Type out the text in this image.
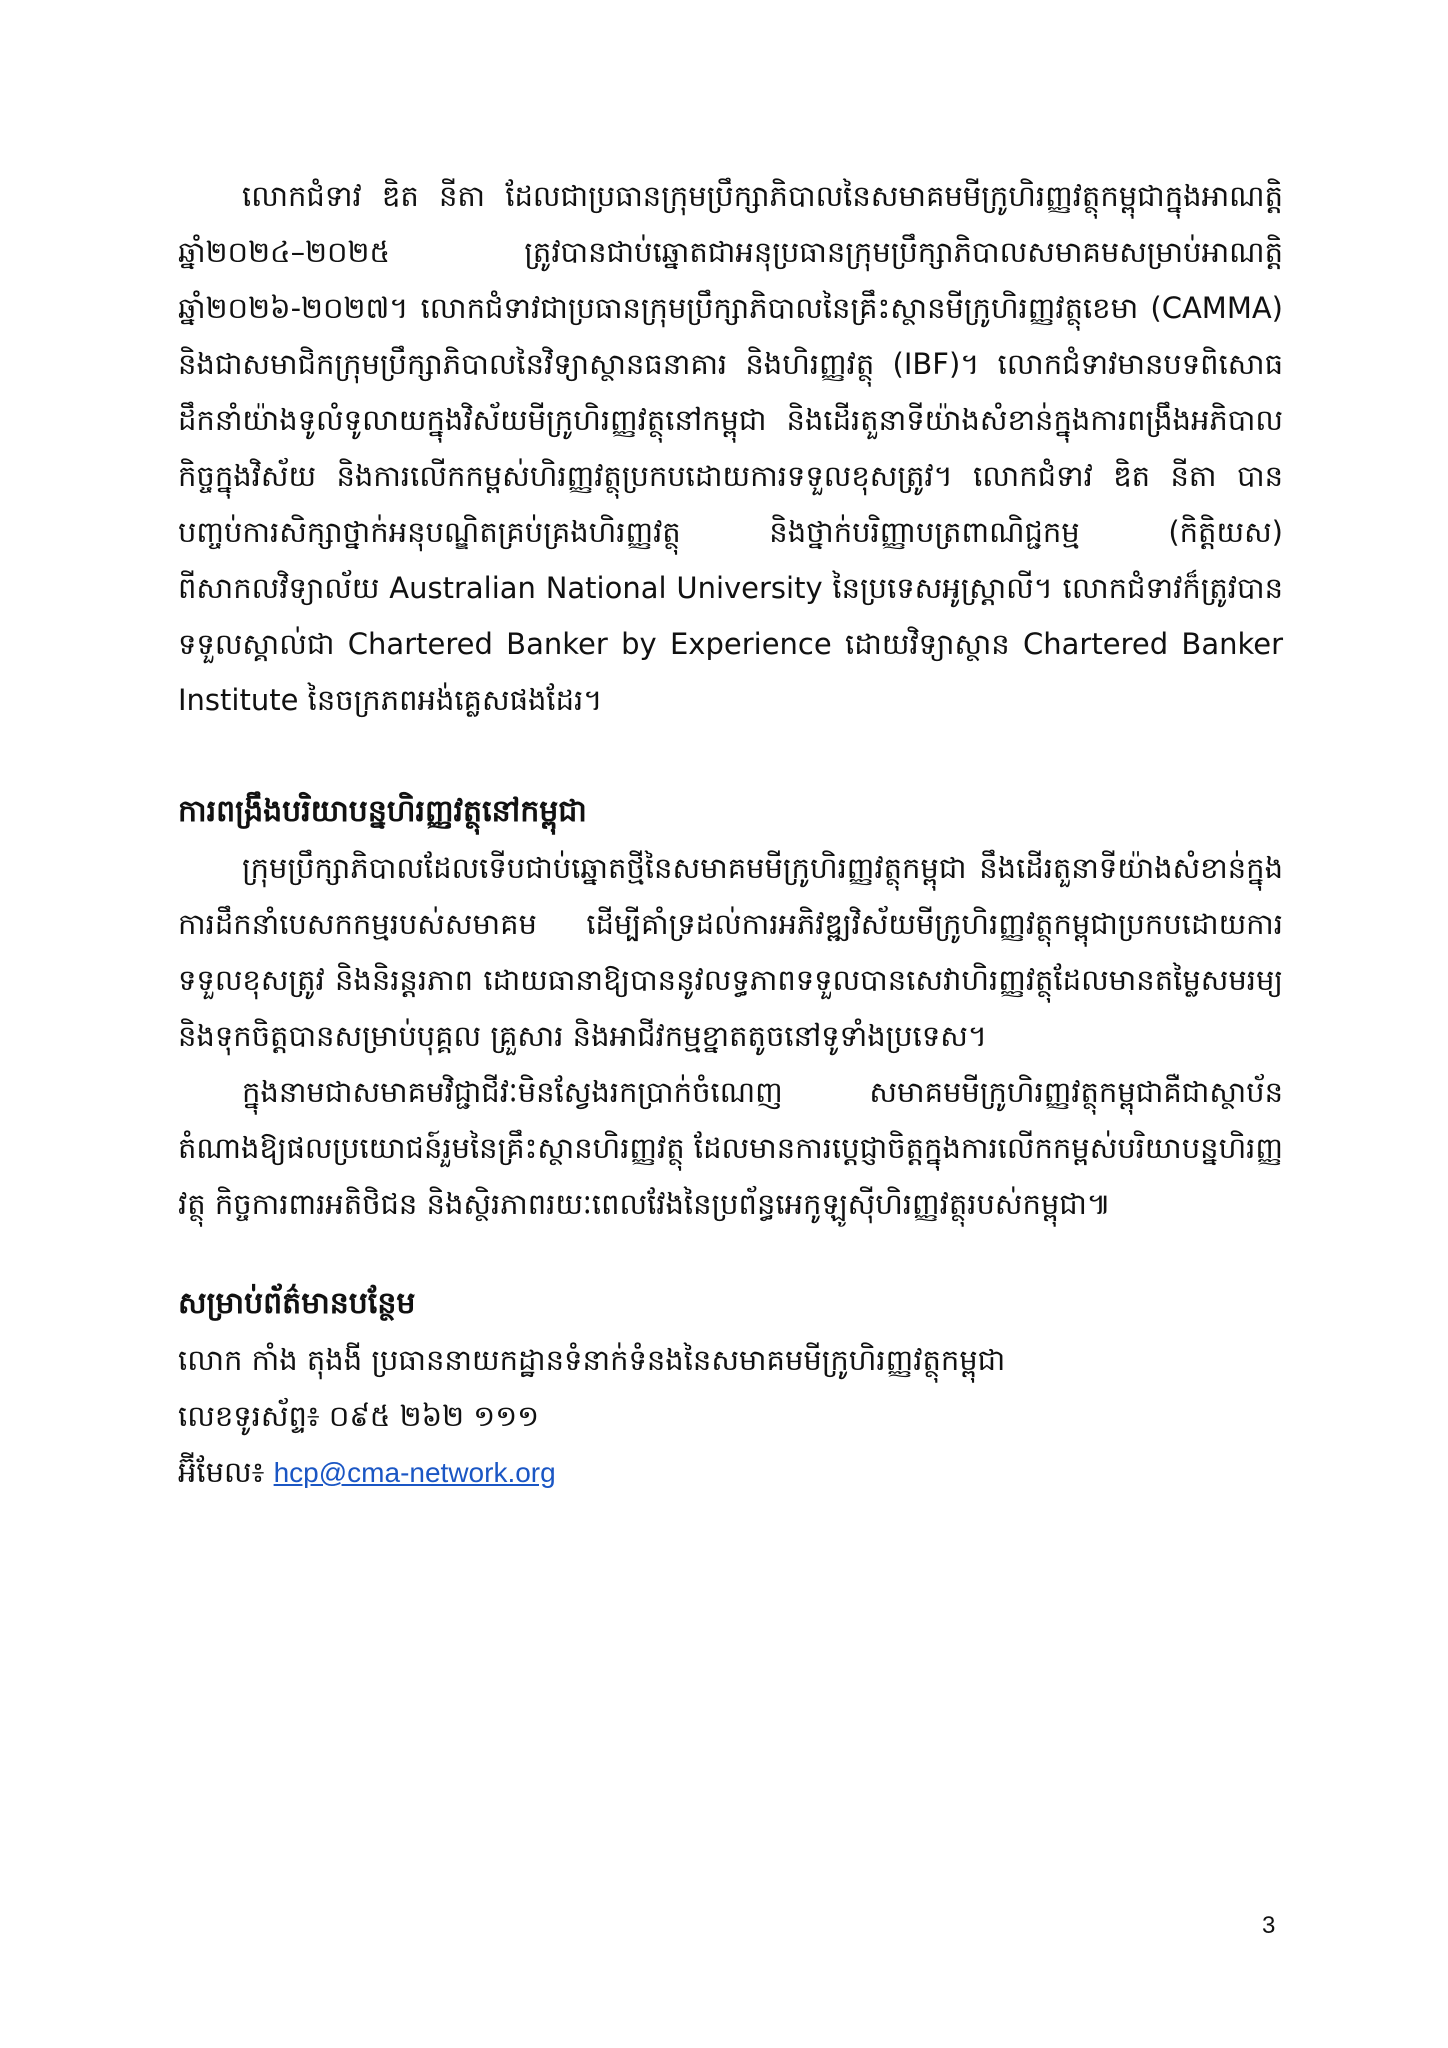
លោកជំទាវ ឌិត នីតា ដែលជាប្រធានក្រុមប្រឹក្សាភិបាលនៃសមាគមមីក្រូហិរញ្ញវត្ថុកម្ពុជាក្នុងអាណត្តិឆ្នាំ២០២៤–២០២៥ ត្រូវបានជាប់ឆ្នោតជាអនុប្រធានក្រុមប្រឹក្សាភិបាលសមាគមសម្រាប់អាណត្តិឆ្នាំ២០២៦-២០២៧។ លោកជំទាវជាប្រធានក្រុមប្រឹក្សាភិបាលនៃគ្រឹះស្ថានមីក្រូហិរញ្ញវត្ថុខេមា (CAMMA) និងជាសមាជិកក្រុមប្រឹក្សាភិបាលនៃវិទ្យាស្ថានធនាគារ និងហិរញ្ញវត្ថុ (IBF)។ លោកជំទាវមានបទពិសោធដឹកនាំយ៉ាងទូលំទូលាយក្នុងវិស័យមីក្រូហិរញ្ញវត្ថុនៅកម្ពុជា និងដើរតួនាទីយ៉ាងសំខាន់ក្នុងការពង្រឹងអភិបាលកិច្ចក្នុងវិស័យ និងការលើកកម្ពស់ហិរញ្ញវត្ថុប្រកបដោយការទទួលខុសត្រូវ។ លោកជំទាវ ឌិត នីតា បានបញ្ចប់ការសិក្សាថ្នាក់អនុបណ្ឌិតគ្រប់គ្រងហិរញ្ញវត្ថុ និងថ្នាក់បរិញ្ញាបត្រពាណិជ្ជកម្ម (កិត្តិយស) ពីសាកលវិទ្យាល័យ Australian National University នៃប្រទេសអូស្ត្រាលី។ លោកជំទាវក៏ត្រូវបានទទួលស្គាល់ជា Chartered Banker by Experience ដោយវិទ្យាស្ថាន Chartered Banker Institute នៃចក្រភពអង់គ្លេសផងដែរ។

ការពង្រឹងបរិយាបន្នហិរញ្ញវត្ថុនៅកម្ពុជា

ក្រុមប្រឹក្សាភិបាលដែលទើបជាប់ឆ្នោតថ្មីនៃសមាគមមីក្រូហិរញ្ញវត្ថុកម្ពុជា នឹងដើរតួនាទីយ៉ាងសំខាន់ក្នុងការដឹកនាំបេសកកម្មរបស់សមាគម ដើម្បីគាំទ្រដល់ការអភិវឌ្ឍវិស័យមីក្រូហិរញ្ញវត្ថុកម្ពុជាប្រកបដោយការទទួលខុសត្រូវ និងនិរន្តរភាព ដោយធានាឱ្យបាននូវលទ្ធភាពទទួលបានសេវាហិរញ្ញវត្ថុដែលមានតម្លៃសមរម្យ និងទុកចិត្តបានសម្រាប់បុគ្គល គ្រួសារ និងអាជីវកម្មខ្នាតតូចនៅទូទាំងប្រទេស។

ក្នុងនាមជាសមាគមវិជ្ជាជីវៈមិនស្វែងរកប្រាក់ចំណេញ សមាគមមីក្រូហិរញ្ញវត្ថុកម្ពុជាគឺជាស្ថាប័នតំណាងឱ្យផលប្រយោជន៍រួមនៃគ្រឹះស្ថានហិរញ្ញវត្ថុ ដែលមានការប្តេជ្ញាចិត្តក្នុងការលើកកម្ពស់បរិយាបន្នហិរញ្ញវត្ថុ កិច្ចការពារអតិថិជន និងស្ថិរភាពរយៈពេលវែងនៃប្រព័ន្ធអេកូឡូស៊ីហិរញ្ញវត្ថុរបស់កម្ពុជា៕

សម្រាប់ព័ត៌មានបន្ថែម

លោក កាំង តុងងី ប្រធាននាយកដ្ឋានទំនាក់ទំនងនៃសមាគមមីក្រូហិរញ្ញវត្ថុកម្ពុជា

លេខទូរស័ព្ទ៖ ០៩៥ ២៦២ ១១១

អ៊ីមែល៖ hcp@cma-network.org

3
